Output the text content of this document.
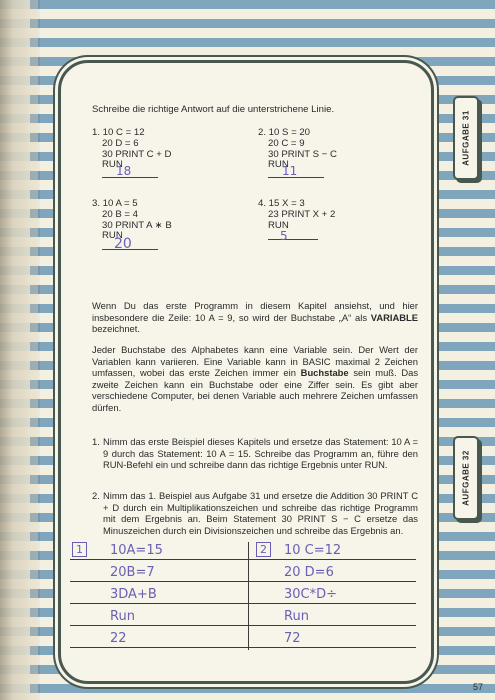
AUFGABE 31
AUFGABE 32
Schreibe die richtige Antwort auf die unterstrichene Linie.
1. 10 C = 12
20 D = 6
30 PRINT C + D
RUN
18
2. 10 S = 20
20 C = 9
30 PRINT S − C
RUN
11
3. 10 A = 5
20 B = 4
30 PRINT A ∗ B
RUN
20
4. 15 X = 3
23 PRINT X + 2
RUN
5
Wenn Du das erste Programm in diesem Kapitel ansiehst, und hier insbesondere die Zeile: 10 A = 9, so wird der Buchstabe „A“ als VARIABLE bezeichnet.
Jeder Buchstabe des Alphabetes kann eine Variable sein. Der Wert der Variablen kann variieren. Eine Variable kann in BASIC maximal 2 Zeichen umfassen, wobei das erste Zeichen immer ein Buchstabe sein muß. Das zweite Zeichen kann ein Buchstabe oder eine Ziffer sein. Es gibt aber verschiedene Computer, bei denen Variable auch mehrere Zeichen umfassen dürfen.
1. Nimm das erste Beispiel dieses Kapitels und ersetze das Statement: 10 A = 9 durch das Statement: 10 A = 15. Schreibe das Programm an, führe den RUN-Befehl ein und schreibe dann das richtige Ergebnis unter RUN.
2. Nimm das 1. Beispiel aus Aufgabe 31 und ersetze die Addition 30 PRINT C + D durch ein Multiplikationszeichen und schreibe das richtige Programm mit dem Ergebnis an. Beim Statement 30 PRINT S − C ersetze das Minuszeichen durch ein Divisionszeichen und schreibe das Ergebnis an.
1	10A=15
20B=7
3DA+B
Run
22
2	10 C=12
20 D=6
30C*D÷
Run
72
57
